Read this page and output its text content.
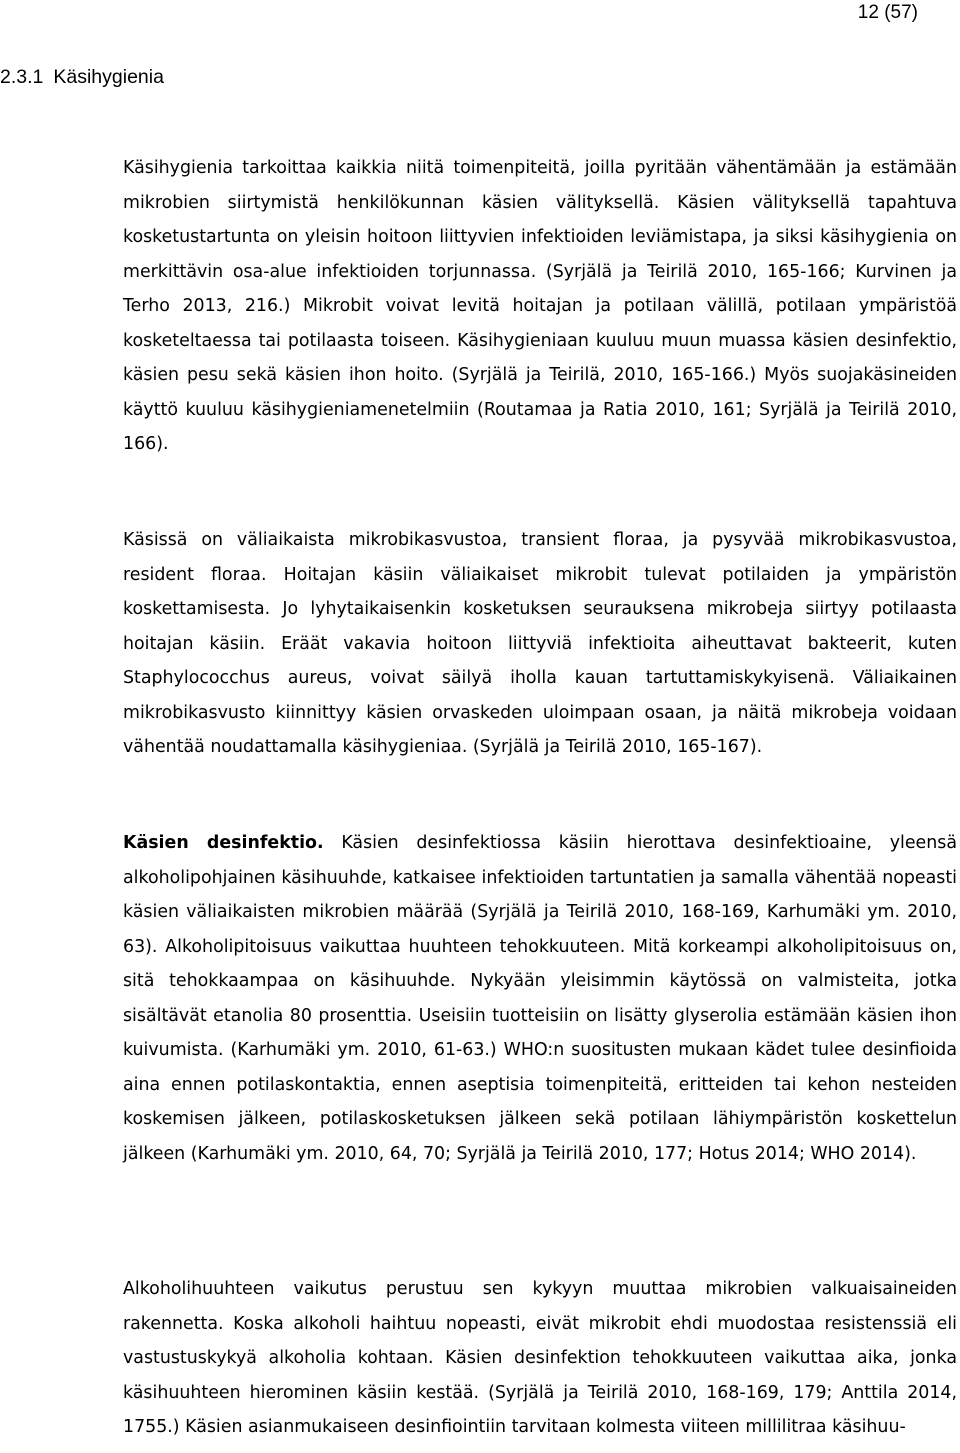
12 (57)
2.3.1 Käsihygienia

Käsihygienia tarkoittaa kaikkia niitä toimenpiteitä, joilla pyritään vähentämään ja estämään mikrobien siirtymistä henkilökunnan käsien välityksellä. Käsien välityksellä tapahtuva kosketustartunta on yleisin hoitoon liittyvien infektioiden leviämistapa, ja siksi käsihygienia on merkittävin osa-alue infektioiden torjunnassa. (Syrjälä ja Teirilä 2010, 165-166; Kurvinen ja Terho 2013, 216.) Mikrobit voivat levitä hoitajan ja potilaan välillä, potilaan ympäristöä kosketeltaessa tai potilaasta toiseen. Käsihygieniaan kuuluu muun muassa käsien desinfektio, käsien pesu sekä käsien ihon hoito. (Syrjälä ja Teirilä, 2010, 165-166.) Myös suojakäsineiden käyttö kuuluu käsihygieniamenetelmiin (Routamaa ja Ratia 2010, 161; Syrjälä ja Teirilä 2010, 166).

Käsissä on väliaikaista mikrobikasvustoa, transient floraa, ja pysyvää mikrobikasvustoa, resident floraa. Hoitajan käsiin väliaikaiset mikrobit tulevat potilaiden ja ympäristön koskettamisesta. Jo lyhytaikaisenkin kosketuksen seurauksena mikrobeja siirtyy potilaasta hoitajan käsiin. Eräät vakavia hoitoon liittyviä infektioita aiheuttavat bakteerit, kuten Staphylococchus aureus, voivat säilyä iholla kauan tartuttamiskykyisenä. Väliaikainen mikrobikasvusto kiinnittyy käsien orvaskeden uloimpaan osaan, ja näitä mikrobeja voidaan vähentää noudattamalla käsihygieniaa. (Syrjälä ja Teirilä 2010, 165-167).

Käsien desinfektio. Käsien desinfektiossa käsiin hierottava desinfektioaine, yleensä alkoholipohjainen käsihuuhde, katkaisee infektioiden tartuntatien ja samalla vähentää nopeasti käsien väliaikaisten mikrobien määrää (Syrjälä ja Teirilä 2010, 168-169, Karhumäki ym. 2010, 63). Alkoholipitoisuus vaikuttaa huuhteen tehokkuuteen. Mitä korkeampi alkoholipitoisuus on, sitä tehokkaampaa on käsihuuhde. Nykyään yleisimmin käytössä on valmisteita, jotka sisältävät etanolia 80 prosenttia. Useisiin tuotteisiin on lisätty glyserolia estämään käsien ihon kuivumista. (Karhumäki ym. 2010, 61-63.) WHO:n suositusten mukaan kädet tulee desinfioida aina ennen potilaskontaktia, ennen aseptisia toimenpiteitä, eritteiden tai kehon nesteiden koskemisen jälkeen, potilaskosketuksen jälkeen sekä potilaan lähiympäristön koskettelun jälkeen (Karhumäki ym. 2010, 64, 70; Syrjälä ja Teirilä 2010, 177; Hotus 2014; WHO 2014).

Alkoholihuuhteen vaikutus perustuu sen kykyyn muuttaa mikrobien valkuaisaineiden rakennetta. Koska alkoholi haihtuu nopeasti, eivät mikrobit ehdi muodostaa resistenssiä eli vastustuskykyä alkoholia kohtaan. Käsien desinfektion tehokkuuteen vaikuttaa aika, jonka käsihuuhteen hierominen käsiin kestää. (Syrjälä ja Teirilä 2010, 168-169, 179; Anttila 2014, 1755.) Käsien asianmukaiseen desinfiointiin tarvitaan kolmesta viiteen millilitraa käsihuu-
